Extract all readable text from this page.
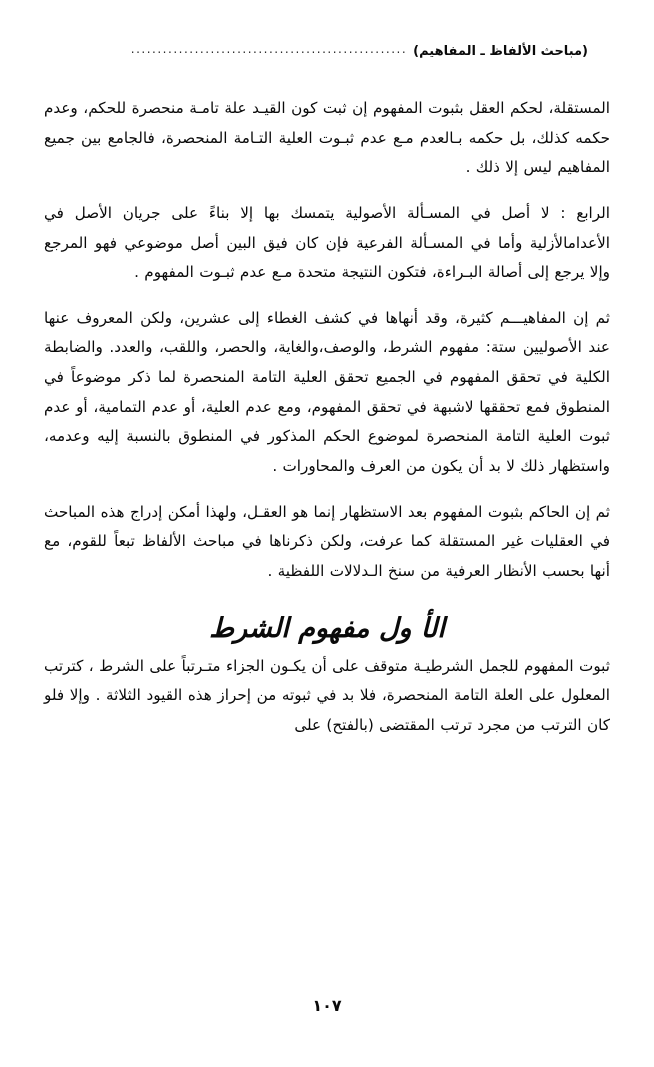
(مباحث الألفاظ ـ المفاهيم)
....................................................

المستقلة، لحكم العقل بثبوت المفهوم إن ثبت كون القيـد علة تامـة منحصرة للحكم، وعدم حكمه كذلك، بل حكمه بـالعدم مـع عدم ثبـوت العلية التـامة المنحصرة، فالجامع بين جميع المفاهيم ليس إلا ذلك .

الرابع : لا أصل في المسـألة الأصولية يتمسك بها إلا بناءً على جريان الأصل في الأعدامالأزلية وأما في المسـألة الفرعية فإن كان فيق البين أصل موضوعي فهو المرجع وإلا يرجع إلى أصالة البـراءة، فتكون النتيجة متحدة مـع عدم ثبـوت المفهوم .

ثم إن المفاهيـــم كثيرة، وقد أنهاها في كشف الغطاء إلى عشرين، ولكن المعروف عنها عند الأصوليين ستة: مفهوم الشرط، والوصف،والغاية، والحصر، واللقب، والعدد. والضابطة الكلية في تحقق المفهوم في الجميع تحقق العلية التامة المنحصرة لما ذكر موضوعاً في المنطوق فمع تحققها لاشبهة في تحقق المفهوم، ومع عدم العلية، أو عدم التمامية، أو عدم ثبوت العلية التامة المنحصرة لموضوع الحكم المذكور في المنطوق بالنسبة إليه وعدمه، واستظهار ذلك لا بد أن يكون من العرف والمحاورات .

ثم إن الحاكم بثبوت المفهوم بعد الاستظهار إنما هو العقـل، ولهذا أمكن إدراج هذه المباحث في العقليات غير المستقلة كما عرفت، ولكن ذكرناها في مباحث الألفاظ تبعاً للقوم، مع أنها بحسب الأنظار العرفية من سنخ الـدلالات اللفظية .

الأ ول مفهوم الشرط

ثبوت المفهوم للجمل الشرطيـة متوقف على أن يكـون الجزاء متـرتباً على الشرط ، كترتب المعلول على العلة التامة المنحصرة، فلا بد في ثبوته من إحراز هذه القيود الثلاثة . وإلا فلو كان الترتب من مجرد ترتب المقتضى (بالفتح) على

١٠٧
